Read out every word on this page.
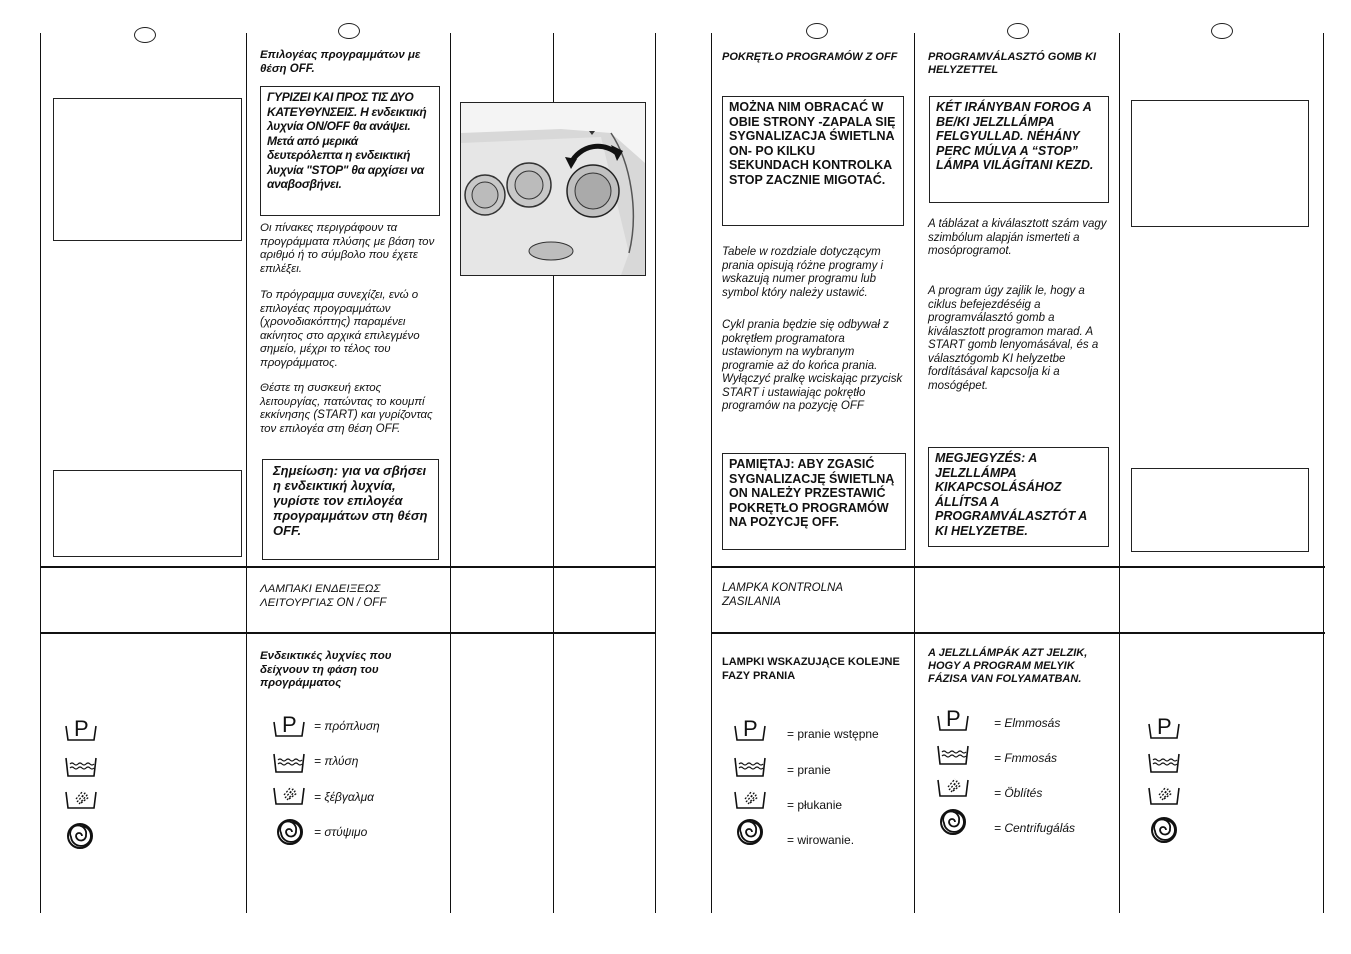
Επιλογέας προγραμμάτων με θέση OFF.
ΓΥΡΙΖΕΙ ΚΑΙ ΠΡΟΣ ΤΙΣ ΔΥΟ ΚΑΤΕΥΘΥΝΣΕΙΣ. Η ενδεικτική λυχνία ON/OFF θα ανάψει. Μετά από μερικά δευτερόλεπτα η ενδεικτική λυχνία "STOP" θα αρχίσει να αναβοσβήνει.
Οι πίνακες περιγράφουν τα προγράμματα πλύσης με βάση τον αριθμό ή το σύμβολο που έχετε επιλέξει.
Το πρόγραμμα συνεχίζει, ενώ ο επιλογέας προγραμμάτων (χρονοδιακόπτης) παραμένει ακίνητος στο αρχικά επιλεγμένο σημείο, μέχρι το τέλος του προγράμματος.
Θέστε τη συσκευή εκτος λειτουργίας, πατώντας το κουμπί εκκίνησης (START) και γυρίζοντας τον επιλογέα στη θέση OFF.
Σημείωση: για να σβήσει η ενδεικτική λυχνία, γυρίστε τον επιλογέα προγραμμάτων στη θέση OFF.
ΛΑΜΠΑΚΙ ΕΝΔΕΙΞΕΩΣ ΛΕΙΤΟΥΡΓΙΑΣ ON / OFF
Ενδεικτικές λυχνίες που δείχνουν τη φάση του προγράμματος
= πρόπλυση
= πλύση
= ξέβγαλμα
= στύψιμο
POKRĘTŁO PROGRAMÓW Z OFF
MOŻNA NIM OBRACAĆ W OBIE STRONY -ZAPALA SIĘ SYGNALIZACJA ŚWIETLNA ON- PO KILKU SEKUNDACH KONTROLKA STOP ZACZNIE MIGOTAĆ.
Tabele w rozdziale dotyczącym prania opisują różne programy i wskazują numer programu lub symbol który należy ustawić.
Cykl prania będzie się odbywał z pokrętłem programatora ustawionym na wybranym programie aż do końca prania. Wyłączyć pralkę wciskając przycisk START i ustawiając pokrętło programów na pozycję OFF
PAMIĘTAJ: ABY ZGASIĆ SYGNALIZACJĘ ŚWIETLNĄ ON NALEŻY PRZESTAWIĆ POKRĘTŁO PROGRAMÓW NA POZYCJĘ OFF.
LAMPKA KONTROLNA ZASILANIA
LAMPKI WSKAZUJĄCE KOLEJNE FAZY PRANIA
= pranie wstępne
= pranie
= płukanie
= wirowanie.
PROGRAMVÁLASZTÓ GOMB KI HELYZETTEL
KÉT IRÁNYBAN FOROG A BE/KI JELZLLÁMPA FELGYULLAD. NÉHÁNY PERC MÚLVA A “STOP” LÁMPA VILÁGÍTANI KEZD.
A táblázat a kiválasztott szám vagy szimbólum alapján ismerteti a mosóprogramot.
A program úgy zajlik le, hogy a ciklus befejezdéséig a programválasztó gomb a kiválasztott programon marad. A START gomb lenyomásával, és a választógomb KI helyzetbe fordításával kapcsolja ki a mosógépet.
MEGJEGYZÉS: A JELZLLÁMPA KIKAPCSOLÁSÁHOZ ÁLLÍTSA A PROGRAMVÁLASZTÓT A KI HELYZETBE.
A JELZLLÁMPÁK AZT JELZIK, HOGY A PROGRAM MELYIK FÁZISA VAN FOLYAMATBAN.
= Elmmosás
= Fmmosás
= Öblítés
= Centrifugálás
